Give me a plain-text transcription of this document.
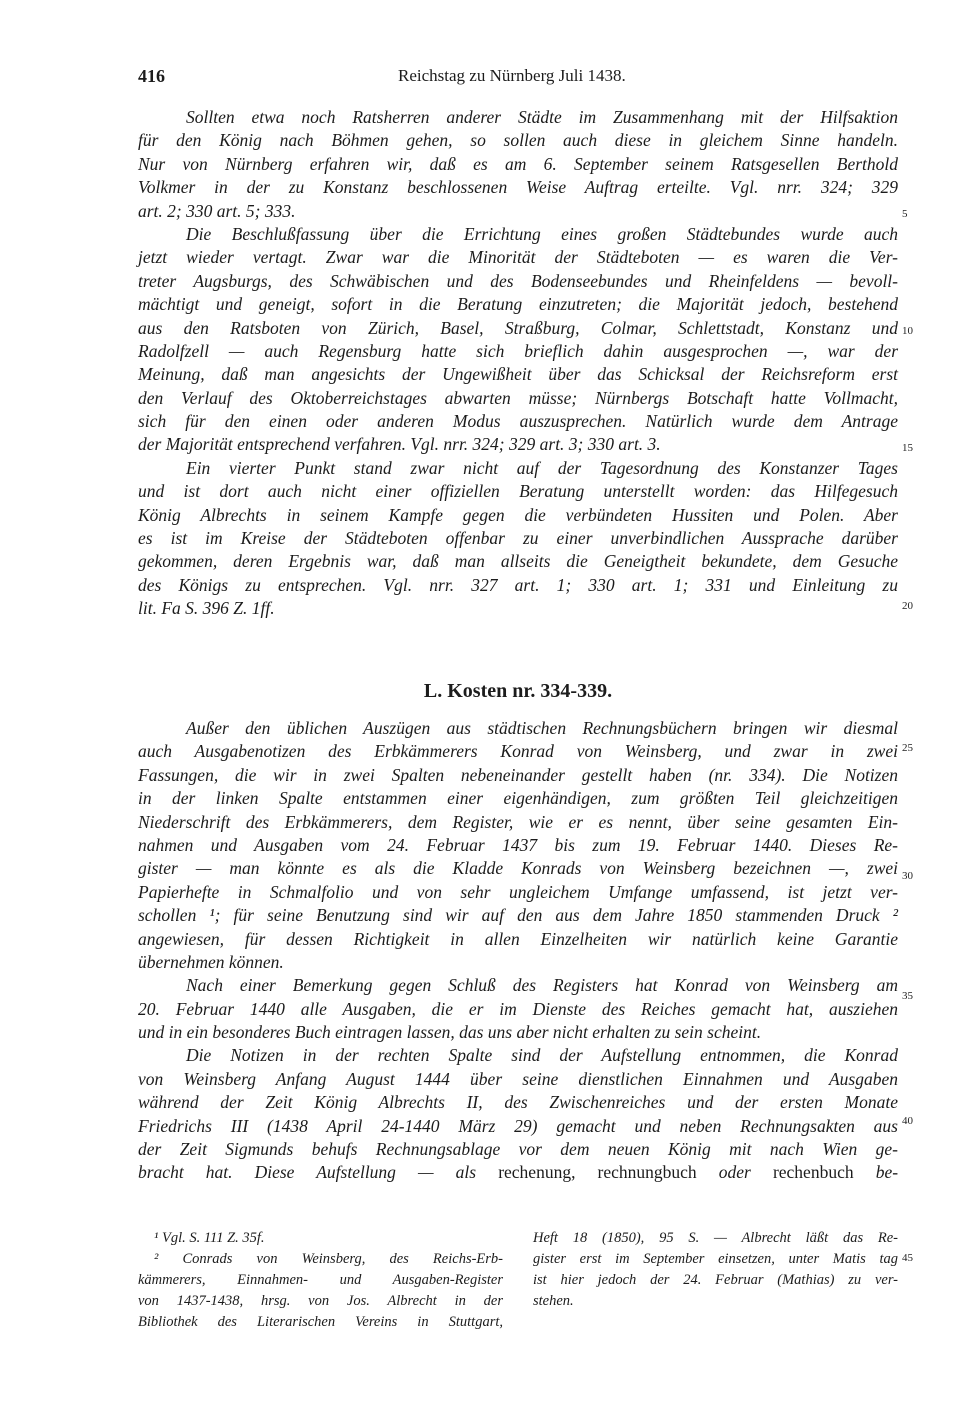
416	Reichstag zu Nürnberg Juli 1438.
Sollten etwa noch Ratsherren anderer Städte im Zusammenhang mit der Hilfsaktion
für den König nach Böhmen gehen, so sollen auch diese in gleichem Sinne handeln.
Nur von Nürnberg erfahren wir, daß es am 6. September seinem Ratsgesellen Berthold
Volkmer in der zu Konstanz beschlossenen Weise Auftrag erteilte. Vgl. nrr. 324; 329
art. 2; 330 art. 5; 333.
Die Beschlußfassung über die Errichtung eines großen Städtebundes wurde auch
jetzt wieder vertagt. Zwar war die Minorität der Städteboten — es waren die Ver-
treter Augsburgs, des Schwäbischen und des Bodenseebundes und Rheinfeldens — bevoll-
mächtigt und geneigt, sofort in die Beratung einzutreten; die Majorität jedoch, bestehend
aus den Ratsboten von Zürich, Basel, Straßburg, Colmar, Schlettstadt, Konstanz und
Radolfzell — auch Regensburg hatte sich brieflich dahin ausgesprochen —, war der
Meinung, daß man angesichts der Ungewißheit über das Schicksal der Reichsreform erst
den Verlauf des Oktoberreichstages abwarten müsse; Nürnbergs Botschaft hatte Vollmacht,
sich für den einen oder anderen Modus auszusprechen. Natürlich wurde dem Antrage
der Majorität entsprechend verfahren. Vgl. nrr. 324; 329 art. 3; 330 art. 3.
Ein vierter Punkt stand zwar nicht auf der Tagesordnung des Konstanzer Tages
und ist dort auch nicht einer offiziellen Beratung unterstellt worden: das Hilfegesuch
König Albrechts in seinem Kampfe gegen die verbündeten Hussiten und Polen. Aber
es ist im Kreise der Städteboten offenbar zu einer unverbindlichen Aussprache darüber
gekommen, deren Ergebnis war, daß man allseits die Geneigtheit bekundete, dem Gesuche
des Königs zu entsprechen. Vgl. nrr. 327 art. 1; 330 art. 1; 331 und Einleitung zu
lit. Fa S. 396 Z. 1ff.
L. Kosten nr. 334-339.
Außer den üblichen Auszügen aus städtischen Rechnungsbüchern bringen wir diesmal
auch Ausgabenotizen des Erbkämmerers Konrad von Weinsberg, und zwar in zwei
Fassungen, die wir in zwei Spalten nebeneinander gestellt haben (nr. 334). Die Notizen
in der linken Spalte entstammen einer eigenhändigen, zum größten Teil gleichzeitigen
Niederschrift des Erbkämmerers, dem Register, wie er es nennt, über seine gesamten Ein-
nahmen und Ausgaben vom 24. Februar 1437 bis zum 19. Februar 1440. Dieses Re-
gister — man könnte es als die Kladde Konrads von Weinsberg bezeichnen —, zwei
Papierhefte in Schmalfolio und von sehr ungleichem Umfange umfassend, ist jetzt ver-
schollen ¹; für seine Benutzung sind wir auf den aus dem Jahre 1850 stammenden Druck ²
angewiesen, für dessen Richtigkeit in allen Einzelheiten wir natürlich keine Garantie
übernehmen können.
Nach einer Bemerkung gegen Schluß des Registers hat Konrad von Weinsberg am
20. Februar 1440 alle Ausgaben, die er im Dienste des Reiches gemacht hat, ausziehen
und in ein besonderes Buch eintragen lassen, das uns aber nicht erhalten zu sein scheint.
Die Notizen in der rechten Spalte sind der Aufstellung entnommen, die Konrad
von Weinsberg Anfang August 1444 über seine dienstlichen Einnahmen und Ausgaben
während der Zeit König Albrechts II, des Zwischenreiches und der ersten Monate
Friedrichs III (1438 April 24-1440 März 29) gemacht und neben Rechnungsakten aus
der Zeit Sigmunds behufs Rechnungsablage vor dem neuen König mit nach Wien ge-
bracht hat. Diese Aufstellung — als rechenung, rechnungbuch oder rechenbuch be-
5
10
15
20
25
30
35
40
45
¹ Vgl. S. 111 Z. 35f.
² Conrads von Weinsberg, des Reichs-Erb-
kämmerers, Einnahmen- und Ausgaben-Register
von 1437-1438, hrsg. von Jos. Albrecht in der
Bibliothek des Literarischen Vereins in Stuttgart,
Heft 18 (1850), 95 S. — Albrecht läßt das Re-
gister erst im September einsetzen, unter Matis tag
ist hier jedoch der 24. Februar (Mathias) zu ver-
stehen.
